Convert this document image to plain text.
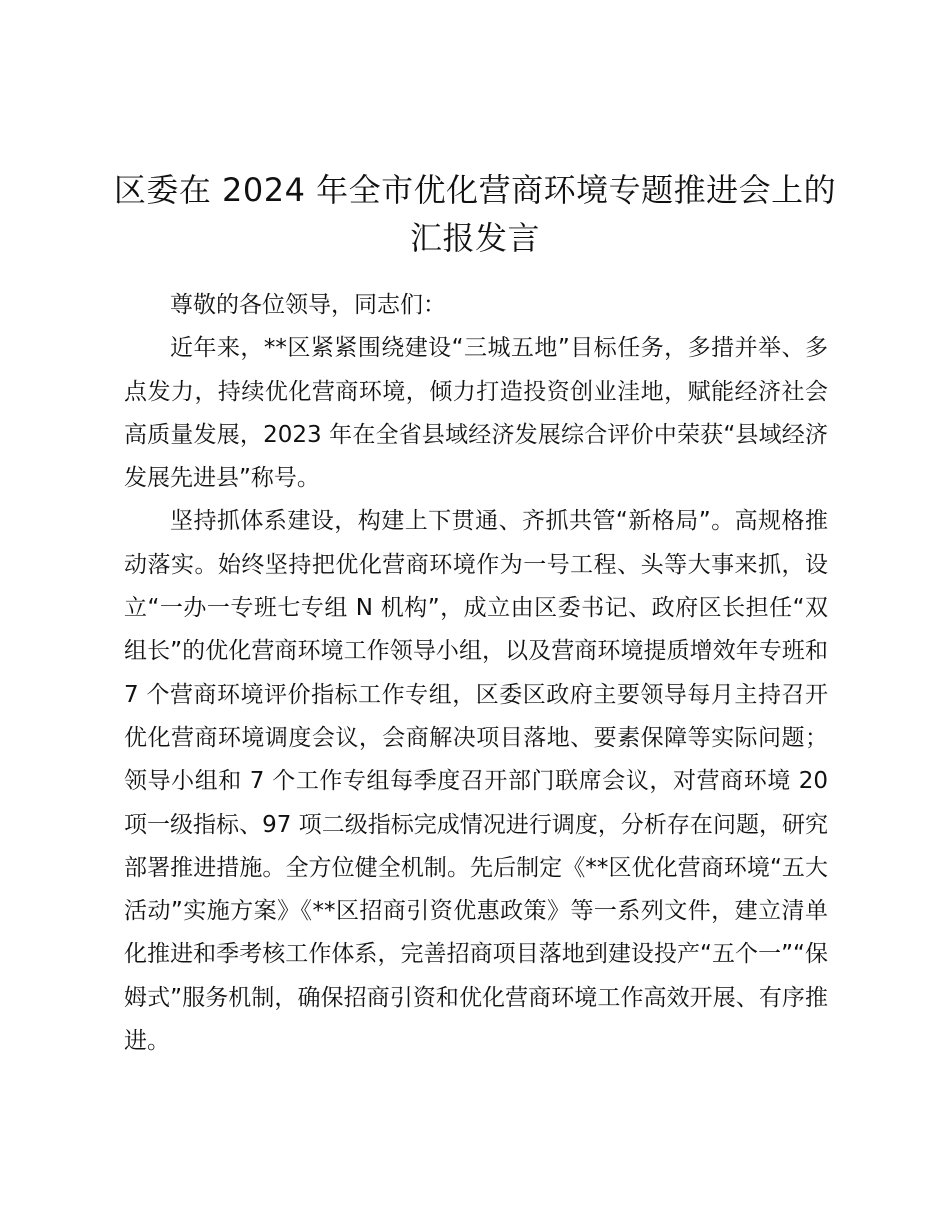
区委在 2024 年全市优化营商环境专题推进会上的汇报发言

尊敬的各位领导，同志们：

近年来，**区紧紧围绕建设“三城五地”目标任务，多措并举、多点发力，持续优化营商环境，倾力打造投资创业洼地，赋能经济社会高质量发展，2023 年在全省县域经济发展综合评价中荣获“县域经济发展先进县”称号。

坚持抓体系建设，构建上下贯通、齐抓共管“新格局”。高规格推动落实。始终坚持把优化营商环境作为一号工程、头等大事来抓，设立“一办一专班七专组 N 机构”，成立由区委书记、政府区长担任“双组长”的优化营商环境工作领导小组，以及营商环境提质增效年专班和 7 个营商环境评价指标工作专组，区委区政府主要领导每月主持召开优化营商环境调度会议，会商解决项目落地、要素保障等实际问题；领导小组和 7 个工作专组每季度召开部门联席会议，对营商环境 20 项一级指标、97 项二级指标完成情况进行调度，分析存在问题，研究部署推进措施。全方位健全机制。先后制定《**区优化营商环境“五大活动”实施方案》《**区招商引资优惠政策》等一系列文件，建立清单化推进和季考核工作体系，完善招商项目落地到建设投产“五个一”“保姆式”服务机制，确保招商引资和优化营商环境工作高效开展、有序推进。
